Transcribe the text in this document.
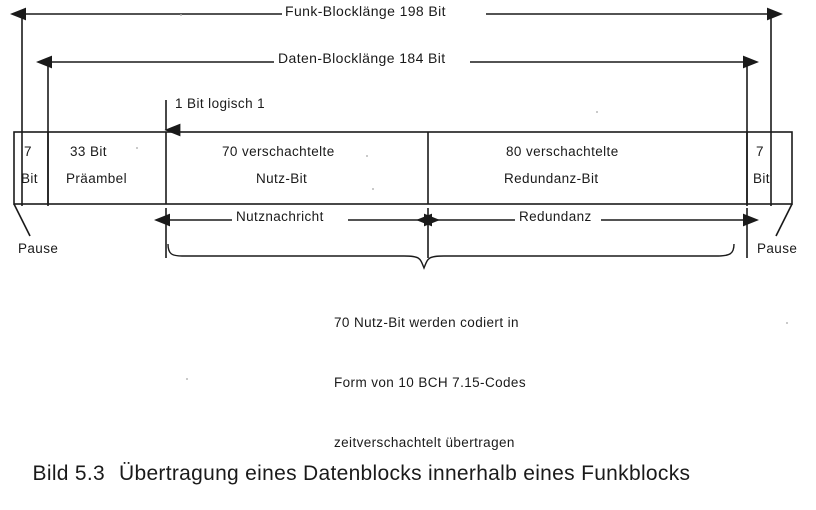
Funk-Blocklänge 198 Bit
Daten-Blocklänge 184 Bit
1 Bit logisch 1
7
Bit
33 Bit
Präambel
70 verschachtelte
Nutz-Bit
80 verschachtelte
Redundanz-Bit
7
Bit
Pause	Pause
Nutznachricht	Redundanz

70 Nutz-Bit werden codiert in

Form von 10 BCH 7.15-Codes

zeitverschachtelt übertragen

Bild 5.3 Übertragung eines Datenblocks innerhalb eines Funkblocks
